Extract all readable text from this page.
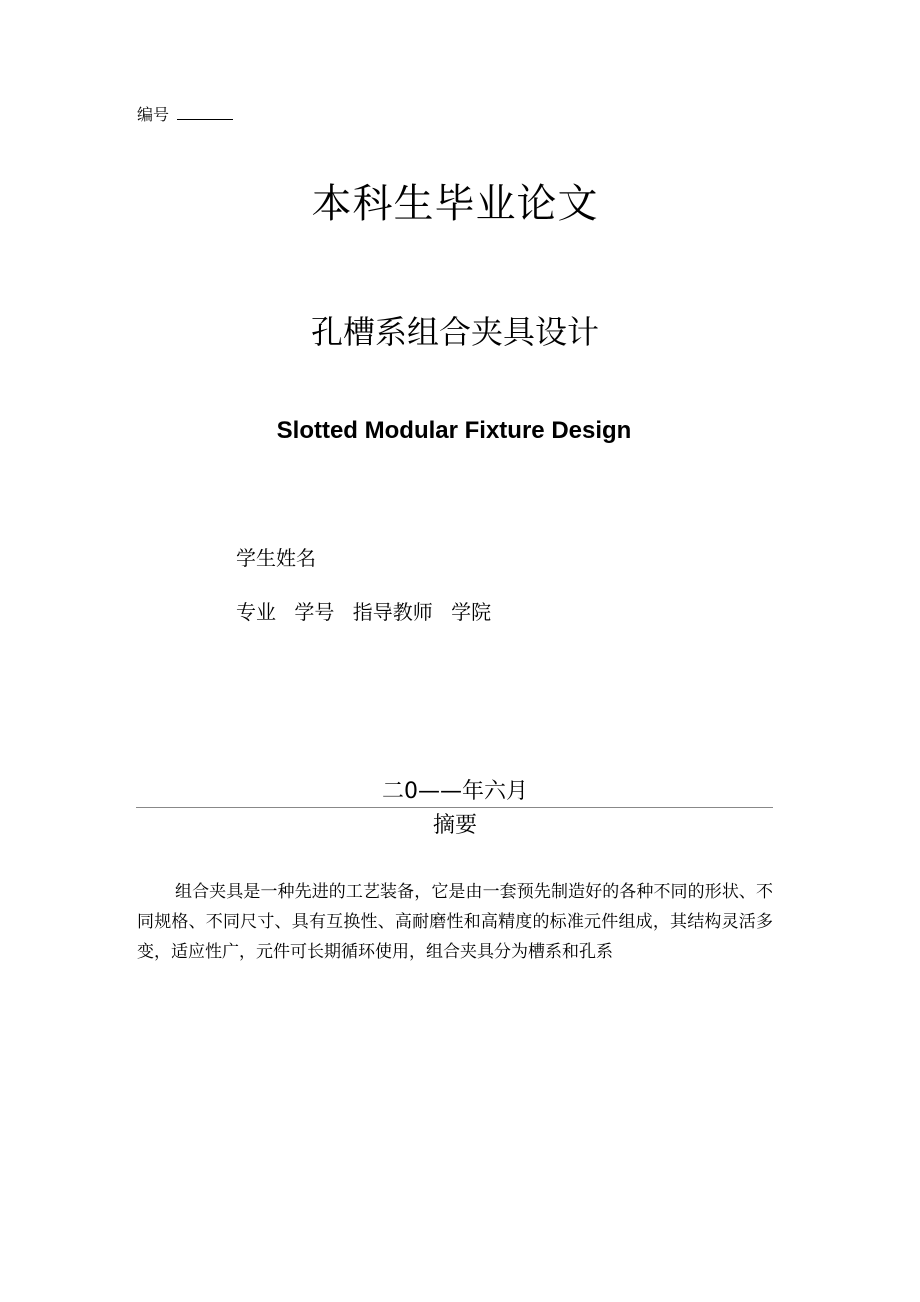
编号
本科生毕业论文
孔槽系组合夹具设计
Slotted Modular Fixture Design
学生姓名
专业 学号 指导教师 学院
二0——年六月
摘要

组合夹具是一种先进的工艺装备，它是由一套预先制造好的各种不同的形状、不同规格、不同尺寸、具有互换性、高耐磨性和高精度的标准元件组成，其结构灵活多变，适应性广，元件可长期循环使用，组合夹具分为槽系和孔系
